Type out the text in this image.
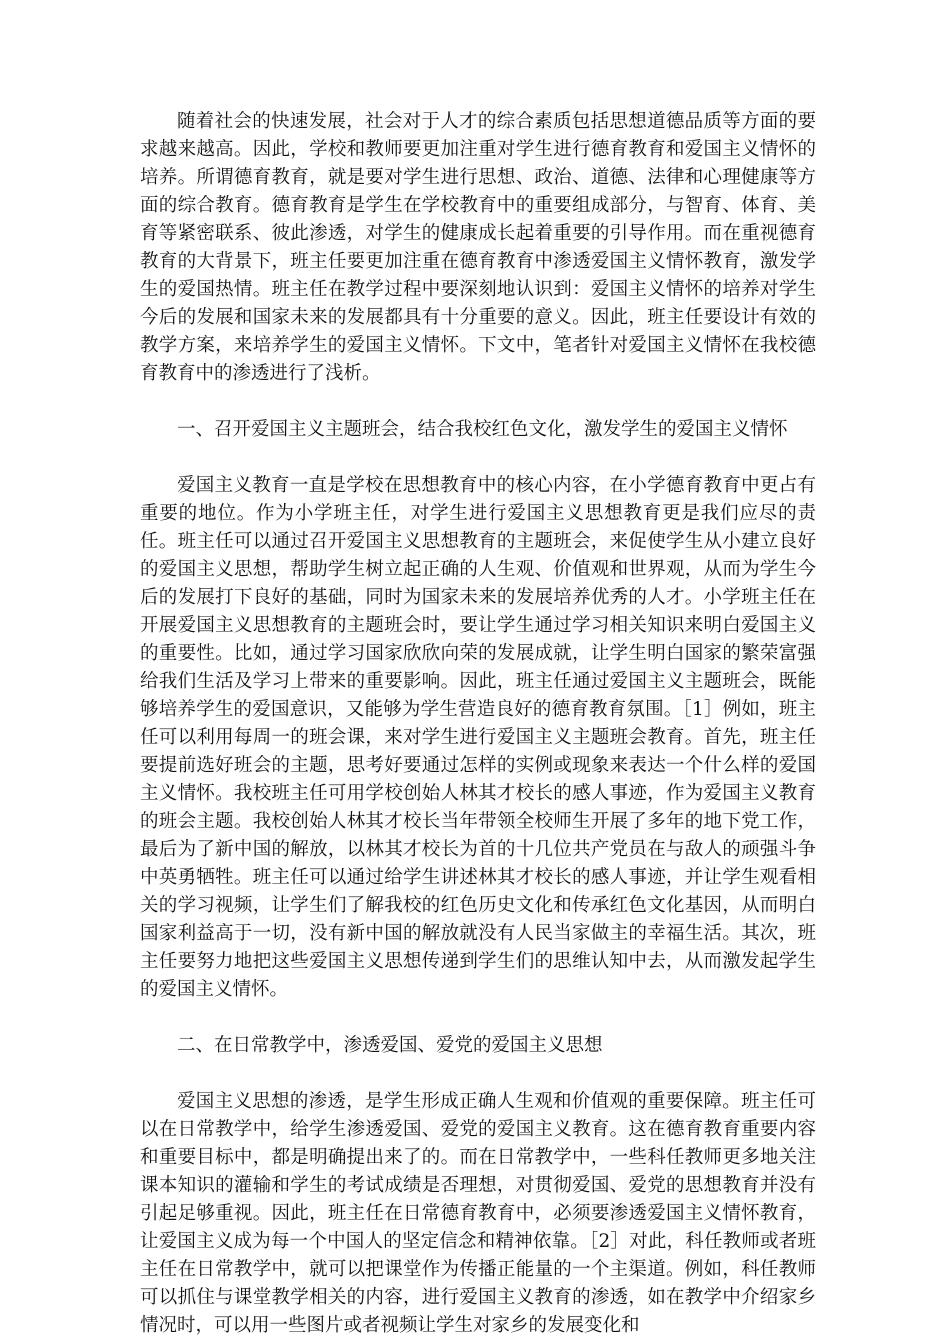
随着社会的快速发展，社会对于人才的综合素质包括思想道德品质等方面的要求越来越高。因此，学校和教师要更加注重对学生进行德育教育和爱国主义情怀的培养。所谓德育教育，就是要对学生进行思想、政治、道德、法律和心理健康等方面的综合教育。德育教育是学生在学校教育中的重要组成部分，与智育、体育、美育等紧密联系、彼此渗透，对学生的健康成长起着重要的引导作用。而在重视德育教育的大背景下，班主任要更加注重在德育教育中渗透爱国主义情怀教育，激发学生的爱国热情。班主任在教学过程中要深刻地认识到：爱国主义情怀的培养对学生今后的发展和国家未来的发展都具有十分重要的意义。因此，班主任要设计有效的教学方案，来培养学生的爱国主义情怀。下文中，笔者针对爱国主义情怀在我校德育教育中的渗透进行了浅析。

一、召开爱国主义主题班会，结合我校红色文化，激发学生的爱国主义情怀

爱国主义教育一直是学校在思想教育中的核心内容，在小学德育教育中更占有重要的地位。作为小学班主任，对学生进行爱国主义思想教育更是我们应尽的责任。班主任可以通过召开爱国主义思想教育的主题班会，来促使学生从小建立良好的爱国主义思想，帮助学生树立起正确的人生观、价值观和世界观，从而为学生今后的发展打下良好的基础，同时为国家未来的发展培养优秀的人才。小学班主任在开展爱国主义思想教育的主题班会时，要让学生通过学习相关知识来明白爱国主义的重要性。比如，通过学习国家欣欣向荣的发展成就，让学生明白国家的繁荣富强给我们生活及学习上带来的重要影响。因此，班主任通过爱国主义主题班会，既能够培养学生的爱国意识，又能够为学生营造良好的德育教育氛围。［1］例如，班主任可以利用每周一的班会课，来对学生进行爱国主义主题班会教育。首先，班主任要提前选好班会的主题，思考好要通过怎样的实例或现象来表达一个什么样的爱国主义情怀。我校班主任可用学校创始人林其才校长的感人事迹，作为爱国主义教育的班会主题。我校创始人林其才校长当年带领全校师生开展了多年的地下党工作，最后为了新中国的解放，以林其才校长为首的十几位共产党员在与敌人的顽强斗争中英勇牺牲。班主任可以通过给学生讲述林其才校长的感人事迹，并让学生观看相关的学习视频，让学生们了解我校的红色历史文化和传承红色文化基因，从而明白国家利益高于一切，没有新中国的解放就没有人民当家做主的幸福生活。其次，班主任要努力地把这些爱国主义思想传递到学生们的思维认知中去，从而激发起学生的爱国主义情怀。

二、在日常教学中，渗透爱国、爱党的爱国主义思想

爱国主义思想的渗透，是学生形成正确人生观和价值观的重要保障。班主任可以在日常教学中，给学生渗透爱国、爱党的爱国主义教育。这在德育教育重要内容和重要目标中，都是明确提出来了的。而在日常教学中，一些科任教师更多地关注课本知识的灌输和学生的考试成绩是否理想，对贯彻爱国、爱党的思想教育并没有引起足够重视。因此，班主任在日常德育教育中，必须要渗透爱国主义情怀教育，让爱国主义成为每一个中国人的坚定信念和精神依靠。［2］对此，科任教师或者班主任在日常教学中，就可以把课堂作为传播正能量的一个主渠道。例如，科任教师可以抓住与课堂教学相关的内容，进行爱国主义教育的渗透，如在教学中介绍家乡情况时，可以用一些图片或者视频让学生对家乡的发展变化和
